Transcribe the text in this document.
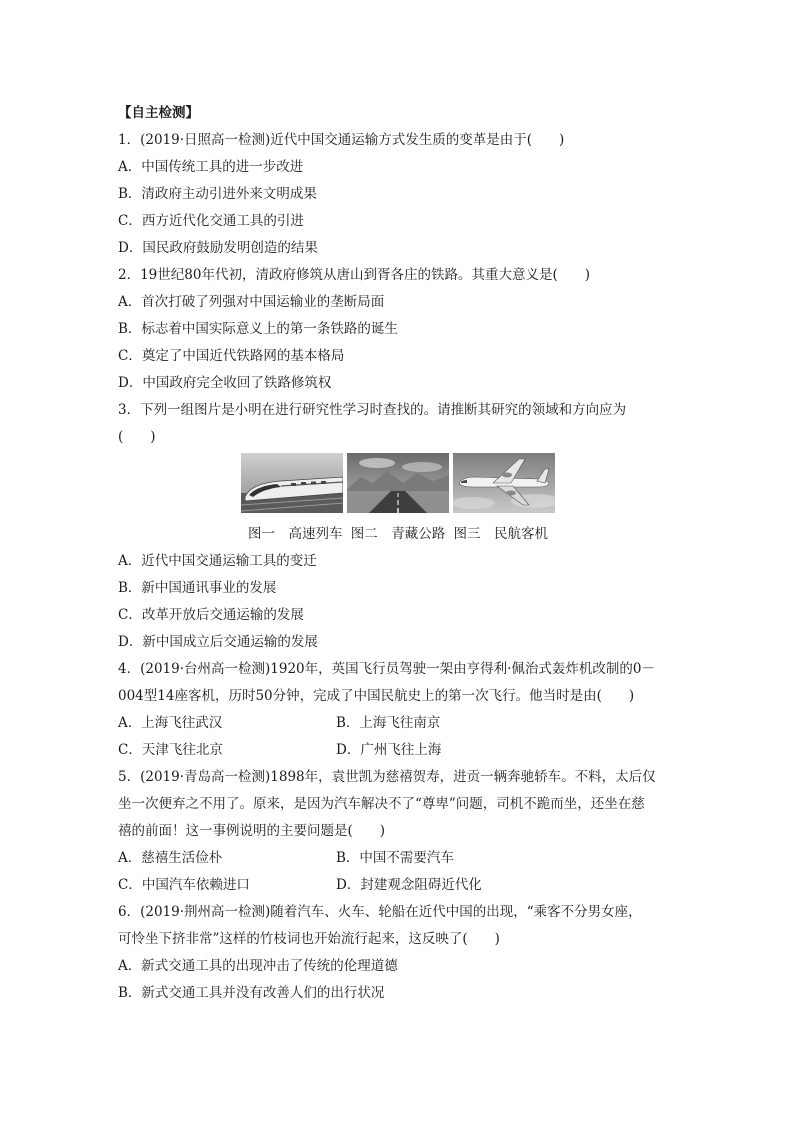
【自主检测】
1．(2019·日照高一检测)近代中国交通运输方式发生质的变革是由于(　　)
A．中国传统工具的进一步改进
B．清政府主动引进外来文明成果
C．西方近代化交通工具的引进
D．国民政府鼓励发明创造的结果
2．19世纪80年代初，清政府修筑从唐山到胥各庄的铁路。其重大意义是(　　)
A．首次打破了列强对中国运输业的垄断局面
B．标志着中国实际意义上的第一条铁路的诞生
C．奠定了中国近代铁路网的基本格局
D．中国政府完全收回了铁路修筑权
3．下列一组图片是小明在进行研究性学习时查找的。请推断其研究的领域和方向应为
(　　)
图一　高速列车 图二　青藏公路 图三　民航客机
A．近代中国交通运输工具的变迁
B．新中国通讯事业的发展
C．改革开放后交通运输的发展
D．新中国成立后交通运输的发展
4．(2019·台州高一检测)1920年，英国飞行员驾驶一架由亨得利·佩治式轰炸机改制的0－
004型14座客机，历时50分钟，完成了中国民航史上的第一次飞行。他当时是由(　　)
A．上海飞往武汉	B．上海飞往南京
C．天津飞往北京	D．广州飞往上海
5．(2019·青岛高一检测)1898年，袁世凯为慈禧贺寿，进贡一辆奔驰轿车。不料，太后仅
坐一次便弃之不用了。原来，是因为汽车解决不了“尊卑”问题，司机不跪而坐，还坐在慈
禧的前面！这一事例说明的主要问题是(　　)
A．慈禧生活俭朴	B．中国不需要汽车
C．中国汽车依赖进口	D．封建观念阻碍近代化
6．(2019·荆州高一检测)随着汽车、火车、轮船在近代中国的出现，“乘客不分男女座，
可怜坐下挤非常”这样的竹枝词也开始流行起来，这反映了(　　)
A．新式交通工具的出现冲击了传统的伦理道德
B．新式交通工具并没有改善人们的出行状况
